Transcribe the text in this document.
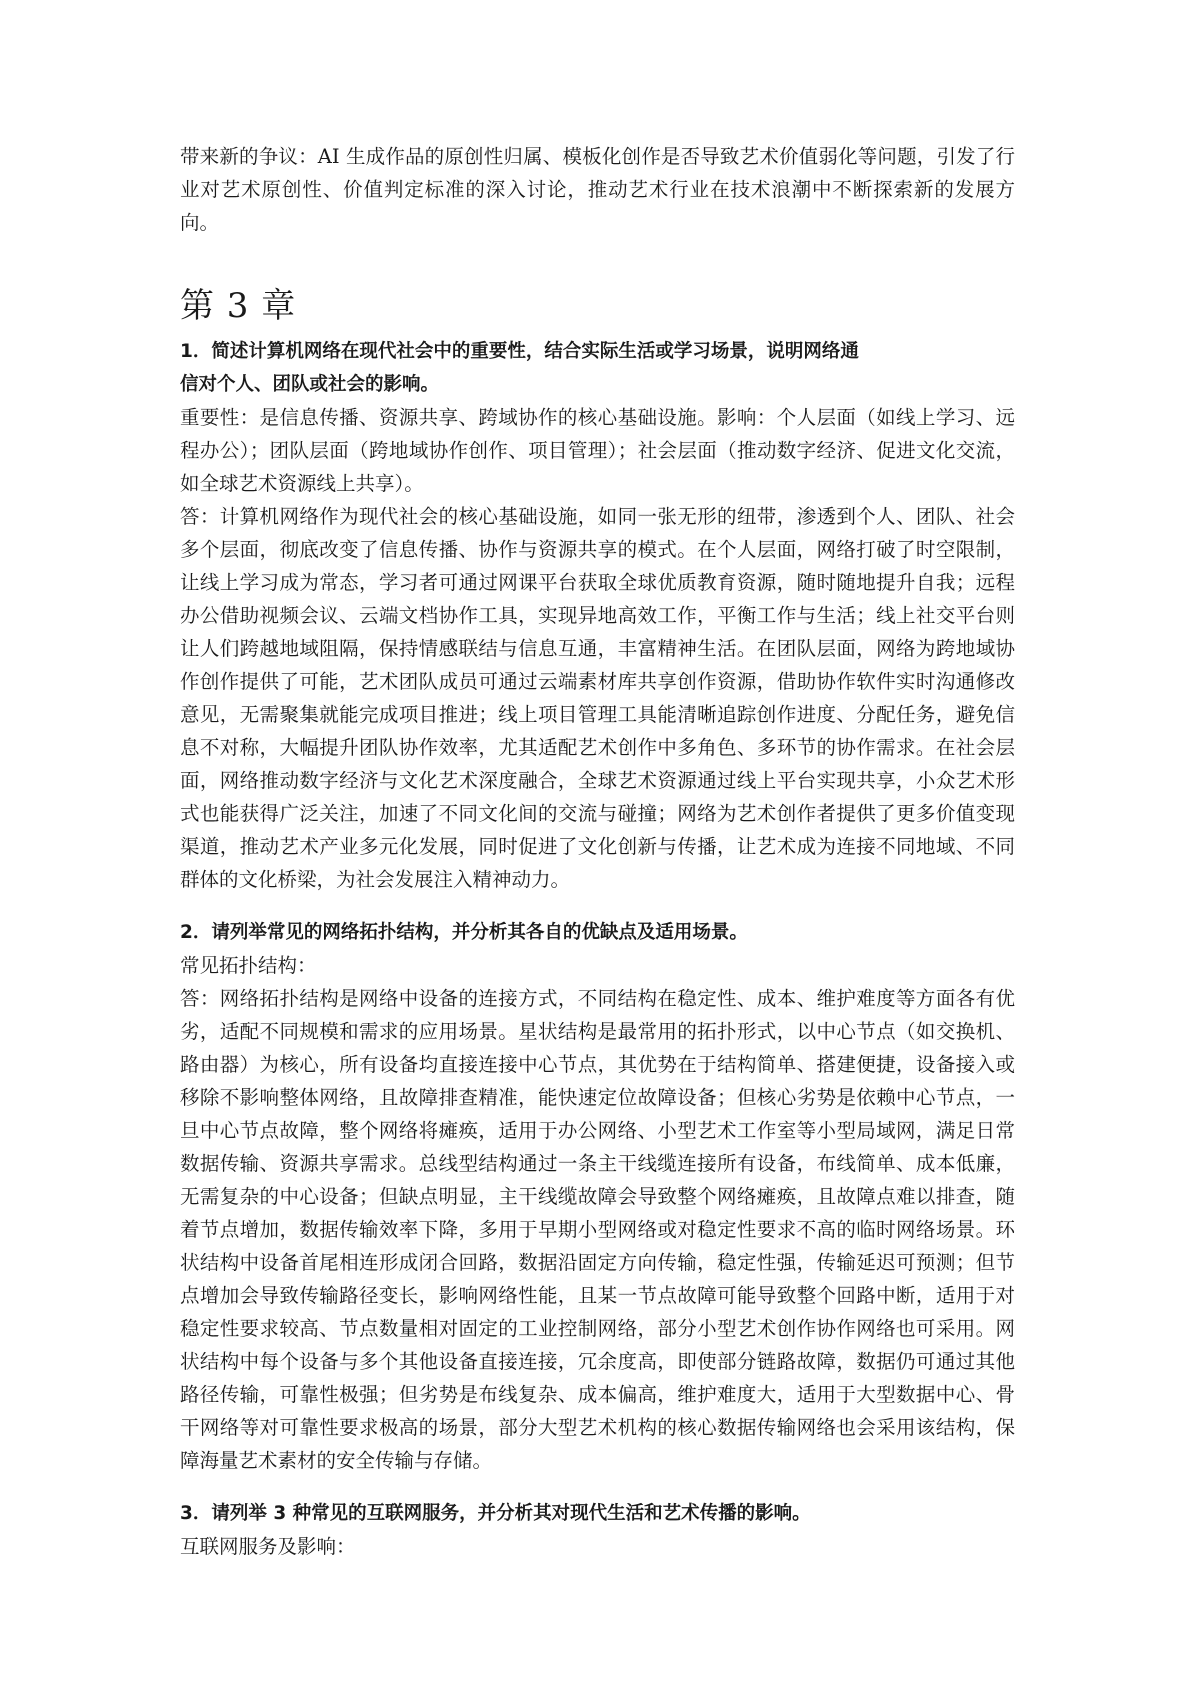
带来新的争议：AI 生成作品的原创性归属、模板化创作是否导致艺术价值弱化等问题，引发了行业对艺术原创性、价值判定标准的深入讨论，推动艺术行业在技术浪潮中不断探索新的发展方向。

第 3 章

1．简述计算机网络在现代社会中的重要性，结合实际生活或学习场景，说明网络通
信对个人、团队或社会的影响。

重要性：是信息传播、资源共享、跨域协作的核心基础设施。影响：个人层面（如线上学习、远程办公）；团队层面（跨地域协作创作、项目管理）；社会层面（推动数字经济、促进文化交流，如全球艺术资源线上共享）。

答：计算机网络作为现代社会的核心基础设施，如同一张无形的纽带，渗透到个人、团队、社会多个层面，彻底改变了信息传播、协作与资源共享的模式。在个人层面，网络打破了时空限制，让线上学习成为常态，学习者可通过网课平台获取全球优质教育资源，随时随地提升自我；远程办公借助视频会议、云端文档协作工具，实现异地高效工作，平衡工作与生活；线上社交平台则让人们跨越地域阻隔，保持情感联结与信息互通，丰富精神生活。在团队层面，网络为跨地域协作创作提供了可能，艺术团队成员可通过云端素材库共享创作资源，借助协作软件实时沟通修改意见，无需聚集就能完成项目推进；线上项目管理工具能清晰追踪创作进度、分配任务，避免信息不对称，大幅提升团队协作效率，尤其适配艺术创作中多角色、多环节的协作需求。在社会层面，网络推动数字经济与文化艺术深度融合，全球艺术资源通过线上平台实现共享，小众艺术形式也能获得广泛关注，加速了不同文化间的交流与碰撞；网络为艺术创作者提供了更多价值变现渠道，推动艺术产业多元化发展，同时促进了文化创新与传播，让艺术成为连接不同地域、不同群体的文化桥梁，为社会发展注入精神动力。

2．请列举常见的网络拓扑结构，并分析其各自的优缺点及适用场景。

常见拓扑结构：

答：网络拓扑结构是网络中设备的连接方式，不同结构在稳定性、成本、维护难度等方面各有优劣，适配不同规模和需求的应用场景。星状结构是最常用的拓扑形式，以中心节点（如交换机、路由器）为核心，所有设备均直接连接中心节点，其优势在于结构简单、搭建便捷，设备接入或移除不影响整体网络，且故障排查精准，能快速定位故障设备；但核心劣势是依赖中心节点，一旦中心节点故障，整个网络将瘫痪，适用于办公网络、小型艺术工作室等小型局域网，满足日常数据传输、资源共享需求。总线型结构通过一条主干线缆连接所有设备，布线简单、成本低廉，无需复杂的中心设备；但缺点明显，主干线缆故障会导致整个网络瘫痪，且故障点难以排查，随着节点增加，数据传输效率下降，多用于早期小型网络或对稳定性要求不高的临时网络场景。环状结构中设备首尾相连形成闭合回路，数据沿固定方向传输，稳定性强，传输延迟可预测；但节点增加会导致传输路径变长，影响网络性能，且某一节点故障可能导致整个回路中断，适用于对稳定性要求较高、节点数量相对固定的工业控制网络，部分小型艺术创作协作网络也可采用。网状结构中每个设备与多个其他设备直接连接，冗余度高，即使部分链路故障，数据仍可通过其他路径传输，可靠性极强；但劣势是布线复杂、成本偏高，维护难度大，适用于大型数据中心、骨干网络等对可靠性要求极高的场景，部分大型艺术机构的核心数据传输网络也会采用该结构，保障海量艺术素材的安全传输与存储。

3．请列举 3 种常见的互联网服务，并分析其对现代生活和艺术传播的影响。

互联网服务及影响：
